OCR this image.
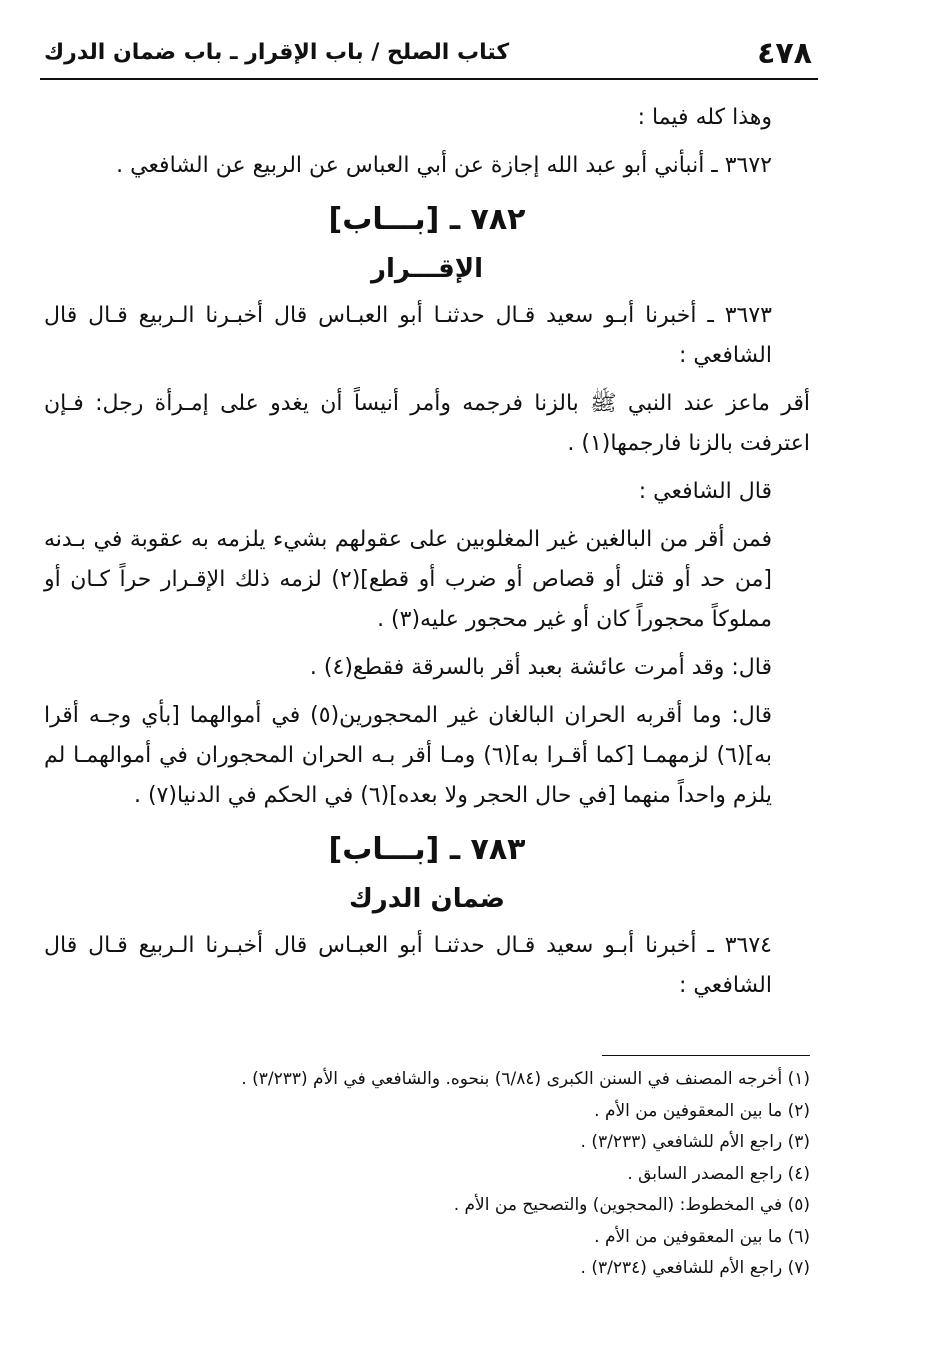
٤٧٨
كتاب الصلح / باب الإقرار ـ باب ضمان الدرك

وهذا كله فيما :

٣٦٧٢ ـ أنبأني أبو عبد الله إجازة عن أبي العباس عن الربيع عن الشافعي .

٧٨٢ ـ [بـــاب]
الإقـــرار

٣٦٧٣ ـ أخبرنا أبـو سعيد قـال حدثنـا أبو العبـاس قال أخبـرنا الـربيع قـال قال الشافعي :

أقر ماعز عند النبي ﷺ بالزنا فرجمه وأمر أنيساً أن يغدو على إمـرأة رجل: فـإن اعترفت بالزنا فارجمها(١) .

قال الشافعي :

فمن أقر من البالغين غير المغلوبين على عقولهم بشيء يلزمه به عقوبة في بـدنه [من حد أو قتل أو قصاص أو ضرب أو قطع](٢) لزمه ذلك الإقـرار حراً كـان أو مملوكاً محجوراً كان أو غير محجور عليه(٣) .

قال: وقد أمرت عائشة بعبد أقر بالسرقة فقطع(٤) .

قال: وما أقربه الحران البالغان غير المحجورين(٥) في أموالهما [بأي وجـه أقرا به](٦) لزمهمـا [كما أقـرا به](٦) ومـا أقر بـه الحران المحجوران في أموالهمـا لم يلزم واحداً منهما [في حال الحجر ولا بعده](٦) في الحكم في الدنيا(٧) .

٧٨٣ ـ [بـــاب]
ضمان الدرك

٣٦٧٤ ـ أخبرنا أبـو سعيد قـال حدثنـا أبو العبـاس قال أخبـرنا الـربيع قـال قال الشافعي :

(١) أخرجه المصنف في السنن الكبرى (٦/٨٤) بنحوه. والشافعي في الأم (٣/٢٣٣) .
(٢) ما بين المعقوفين من الأم .
(٣) راجع الأم للشافعي (٣/٢٣٣) .
(٤) راجع المصدر السابق .
(٥) في المخطوط: (المحجوين) والتصحيح من الأم .
(٦) ما بين المعقوفين من الأم .
(٧) راجع الأم للشافعي (٣/٢٣٤) .
